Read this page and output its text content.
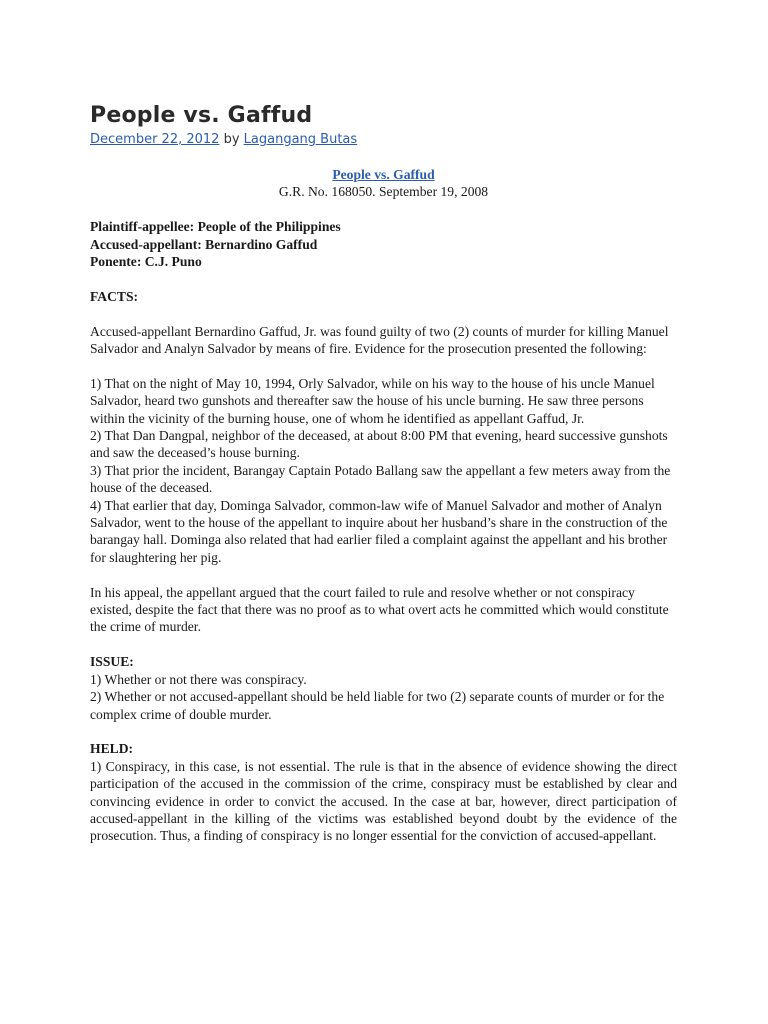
People vs. Gaffud
December 22, 2012 by Lagangang Butas

People vs. Gaffud

G.R. No. 168050. September 19, 2008

Plaintiff-appellee: People of the Philippines

Accused-appellant: Bernardino Gaffud

Ponente: C.J. Puno

FACTS:

Accused-appellant Bernardino Gaffud, Jr. was found guilty of two (2) counts of murder for killing Manuel Salvador and Analyn Salvador by means of fire. Evidence for the prosecution presented the following:

1) That on the night of May 10, 1994, Orly Salvador, while on his way to the house of his uncle Manuel Salvador, heard two gunshots and thereafter saw the house of his uncle burning. He saw three persons within the vicinity of the burning house, one of whom he identified as appellant Gaffud, Jr.

2) That Dan Dangpal, neighbor of the deceased, at about 8:00 PM that evening, heard successive gunshots and saw the deceased’s house burning.

3) That prior the incident, Barangay Captain Potado Ballang saw the appellant a few meters away from the house of the deceased.

4) That earlier that day, Dominga Salvador, common-law wife of Manuel Salvador and mother of Analyn Salvador, went to the house of the appellant to inquire about her husband’s share in the construction of the barangay hall. Dominga also related that had earlier filed a complaint against the appellant and his brother for slaughtering her pig.

In his appeal, the appellant argued that the court failed to rule and resolve whether or not conspiracy existed, despite the fact that there was no proof as to what overt acts he committed which would constitute the crime of murder.

ISSUE:

1) Whether or not there was conspiracy.

2) Whether or not accused-appellant should be held liable for two (2) separate counts of murder or for the complex crime of double murder.

HELD:

1) Conspiracy, in this case, is not essential. The rule is that in the absence of evidence showing the direct participation of the accused in the commission of the crime, conspiracy must be established by clear and convincing evidence in order to convict the accused. In the case at bar, however, direct participation of accused-appellant in the killing of the victims was established beyond doubt by the evidence of the prosecution. Thus, a finding of conspiracy is no longer essential for the conviction of accused-appellant.
